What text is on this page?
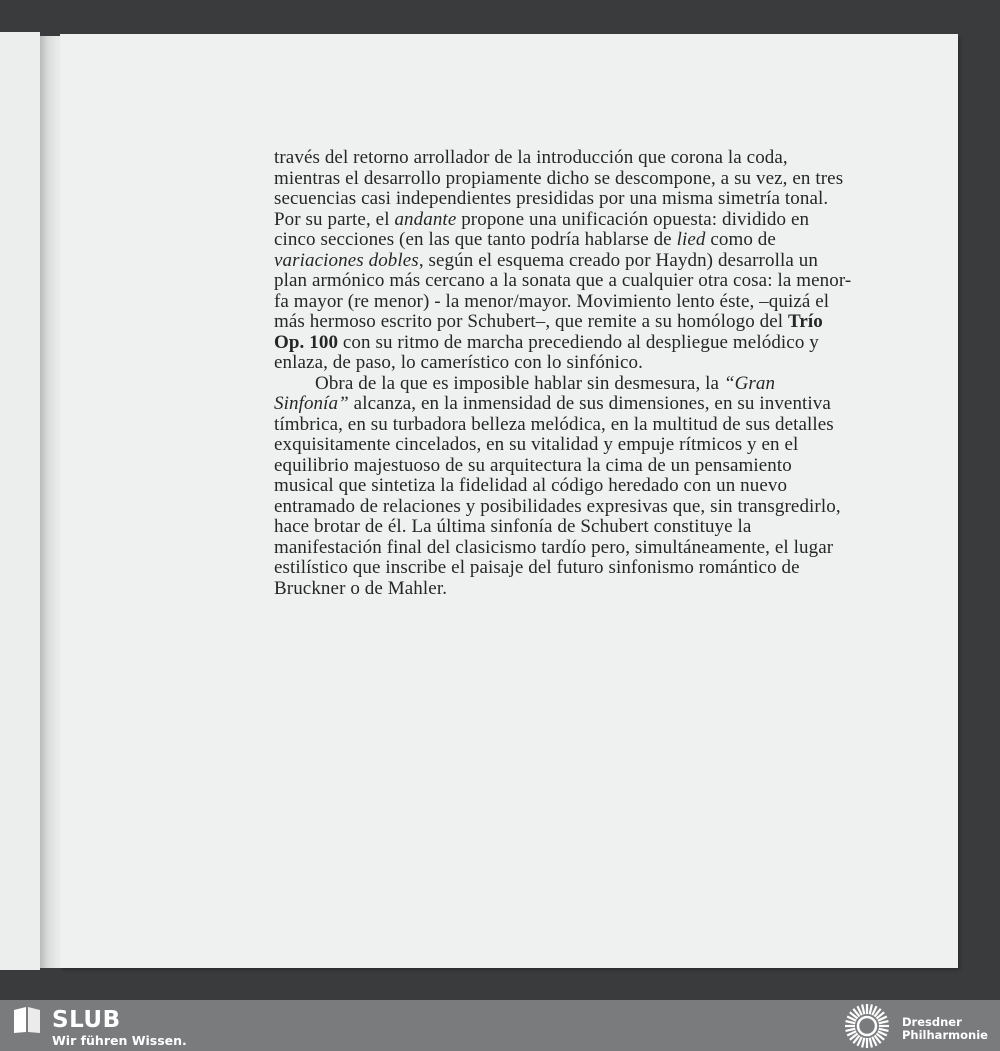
través del retorno arrollador de la introducción que corona la coda, mientras el desarrollo propiamente dicho se descompone, a su vez, en tres secuencias casi independientes presididas por una misma simetría tonal. Por su parte, el andante propone una unificación opuesta: dividido en cinco secciones (en las que tanto podría hablarse de lied como de variaciones dobles, según el esquema creado por Haydn) desarrolla un plan armónico más cercano a la sonata que a cualquier otra cosa: la menor-fa mayor (re menor) - la menor/mayor. Movimiento lento éste, –quizá el más hermoso escrito por Schubert–, que remite a su homólogo del Trío Op. 100 con su ritmo de marcha precediendo al despliegue melódico y enlaza, de paso, lo camerístico con lo sinfónico.

Obra de la que es imposible hablar sin desmesura, la “Gran Sinfonía” alcanza, en la inmensidad de sus dimensiones, en su inventiva tímbrica, en su turbadora belleza melódica, en la multitud de sus detalles exquisitamente cincelados, en su vitalidad y empuje rítmicos y en el equilibrio majestuoso de su arquitectura la cima de un pensamiento musical que sintetiza la fidelidad al código heredado con un nuevo entramado de relaciones y posibilidades expresivas que, sin transgredirlo, hace brotar de él. La última sinfonía de Schubert constituye la manifestación final del clasicismo tardío pero, simultáneamente, el lugar estilístico que inscribe el paisaje del futuro sinfonismo romántico de Bruckner o de Mahler.

SLUB
Wir führen Wissen.
Dresdner
Philharmonie
